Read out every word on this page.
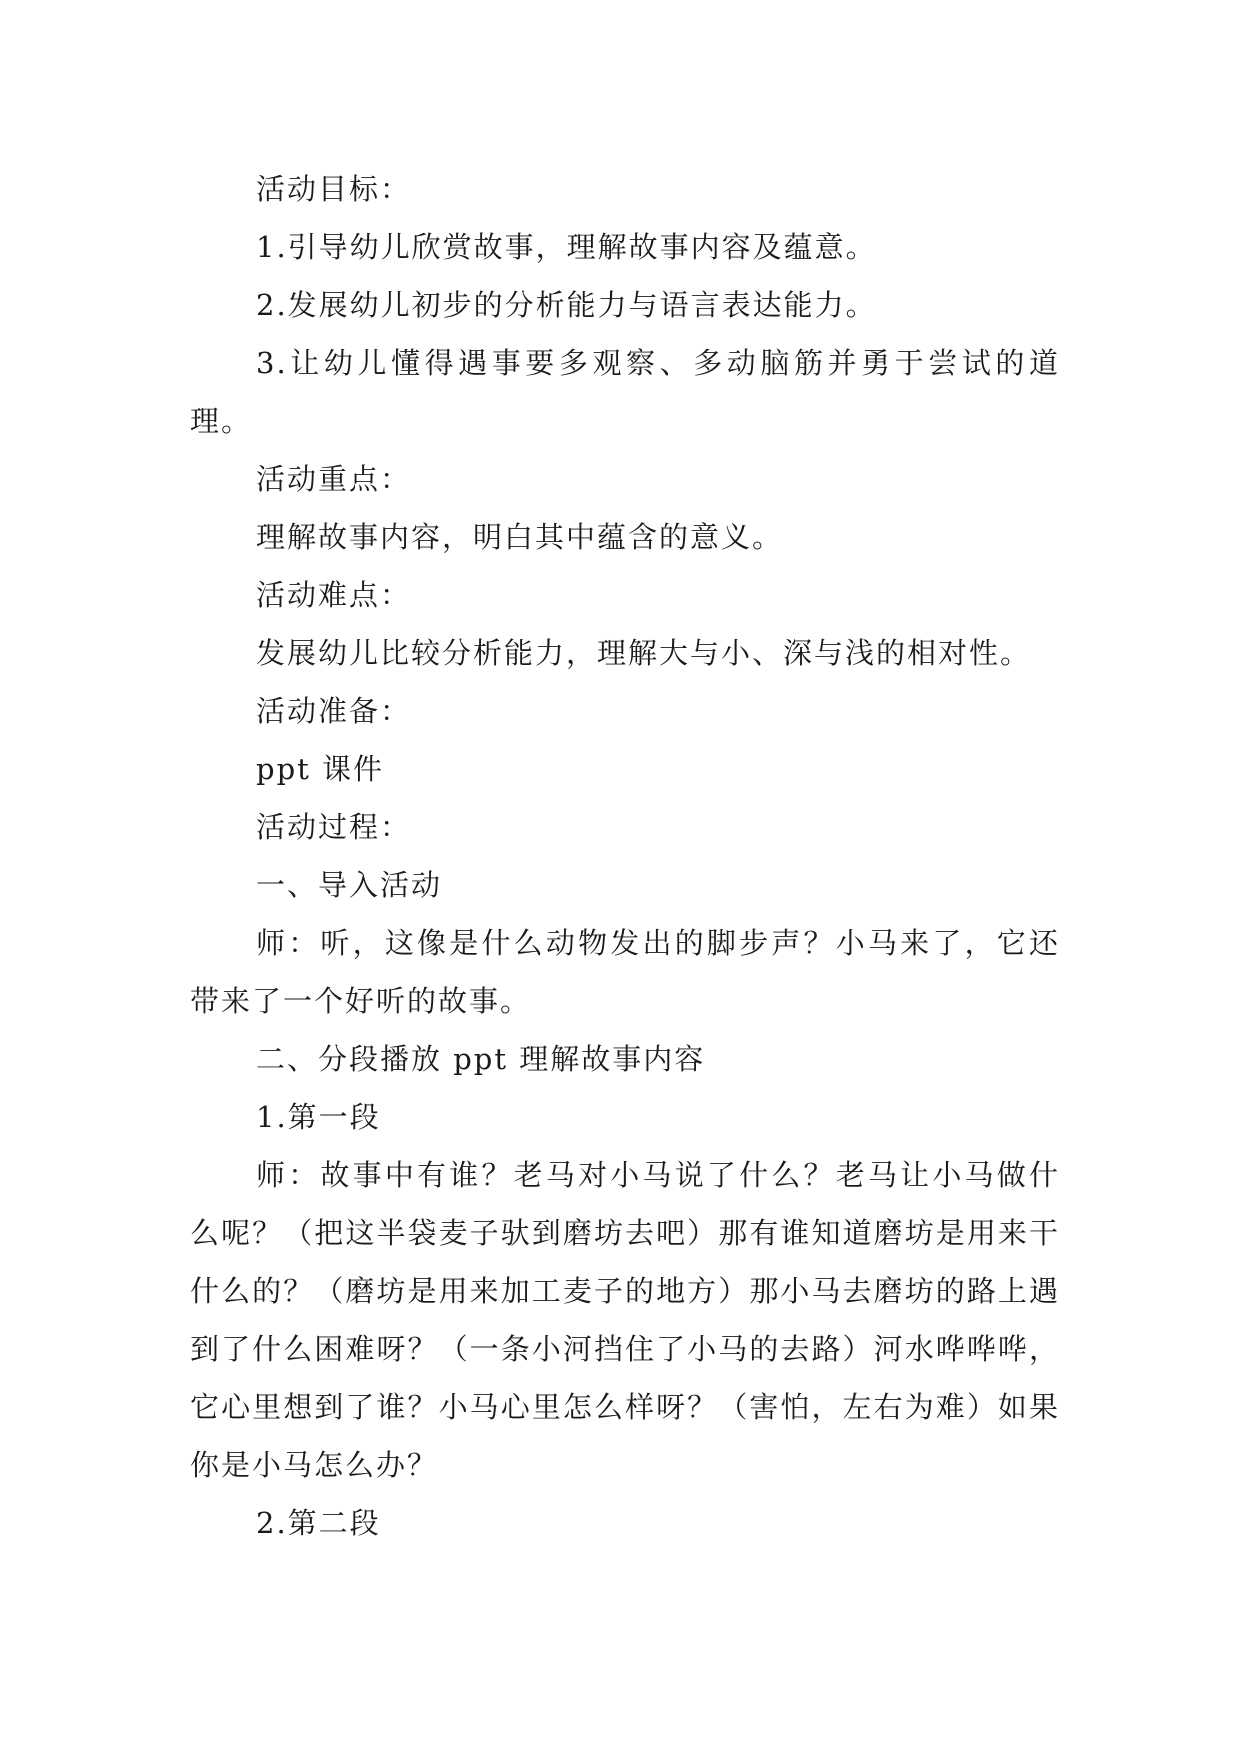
活动目标：

1.引导幼儿欣赏故事，理解故事内容及蕴意。

2.发展幼儿初步的分析能力与语言表达能力。

3.让幼儿懂得遇事要多观察、多动脑筋并勇于尝试的道理。

活动重点：

理解故事内容，明白其中蕴含的意义。

活动难点：

发展幼儿比较分析能力，理解大与小、深与浅的相对性。

活动准备：

ppt 课件

活动过程：

一、导入活动

师：听，这像是什么动物发出的脚步声？小马来了，它还带来了一个好听的故事。

二、分段播放 ppt 理解故事内容

1.第一段

师：故事中有谁？老马对小马说了什么？老马让小马做什么呢？（把这半袋麦子驮到磨坊去吧）那有谁知道磨坊是用来干什么的？（磨坊是用来加工麦子的地方）那小马去磨坊的路上遇到了什么困难呀？（一条小河挡住了小马的去路）河水哗哗哗，它心里想到了谁？小马心里怎么样呀？（害怕，左右为难）如果你是小马怎么办？

2.第二段
